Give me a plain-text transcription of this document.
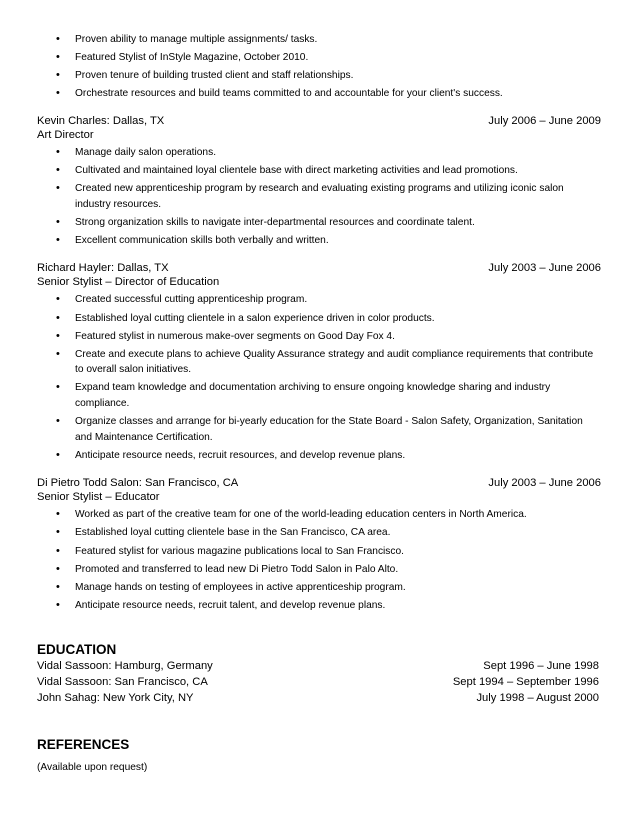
• Proven ability to manage multiple assignments/ tasks.
• Featured Stylist of InStyle Magazine, October 2010.
• Proven tenure of building trusted client and staff relationships.
• Orchestrate resources and build teams committed to and accountable for your client's success.
Kevin Charles: Dallas, TX	July 2006 – June 2009
Art Director
• Manage daily salon operations.
• Cultivated and maintained loyal clientele base with direct marketing activities and lead promotions.
• Created new apprenticeship program by research and evaluating existing programs and utilizing iconic salon industry resources.
• Strong organization skills to navigate inter-departmental resources and coordinate talent.
• Excellent communication skills both verbally and written.
Richard Hayler: Dallas, TX	July 2003 – June 2006
Senior Stylist – Director of Education
• Created successful cutting apprenticeship program.
• Established loyal cutting clientele in a salon experience driven in color products.
• Featured stylist in numerous make-over segments on Good Day Fox 4.
• Create and execute plans to achieve Quality Assurance strategy and audit compliance requirements that contribute to overall salon initiatives.
• Expand team knowledge and documentation archiving to ensure ongoing knowledge sharing and industry compliance.
• Organize classes and arrange for bi-yearly education for the State Board - Salon Safety, Organization, Sanitation and Maintenance Certification.
• Anticipate resource needs, recruit resources, and develop revenue plans.
Di Pietro Todd Salon: San Francisco, CA	July 2003 – June 2006
Senior Stylist – Educator
• Worked as part of the creative team for one of the world-leading education centers in North America.
• Established loyal cutting clientele base in the San Francisco, CA area.
• Featured stylist for various magazine publications local to San Francisco.
• Promoted and transferred to lead new Di Pietro Todd Salon in Palo Alto.
• Manage hands on testing of employees in active apprenticeship program.
• Anticipate resource needs, recruit talent, and develop revenue plans.
EDUCATION
Vidal Sassoon: Hamburg, Germany	Sept 1996 – June 1998
Vidal Sassoon: San Francisco, CA	Sept 1994 – September 1996
John Sahag: New York City, NY	July 1998 – August 2000
REFERENCES
(Available upon request)
